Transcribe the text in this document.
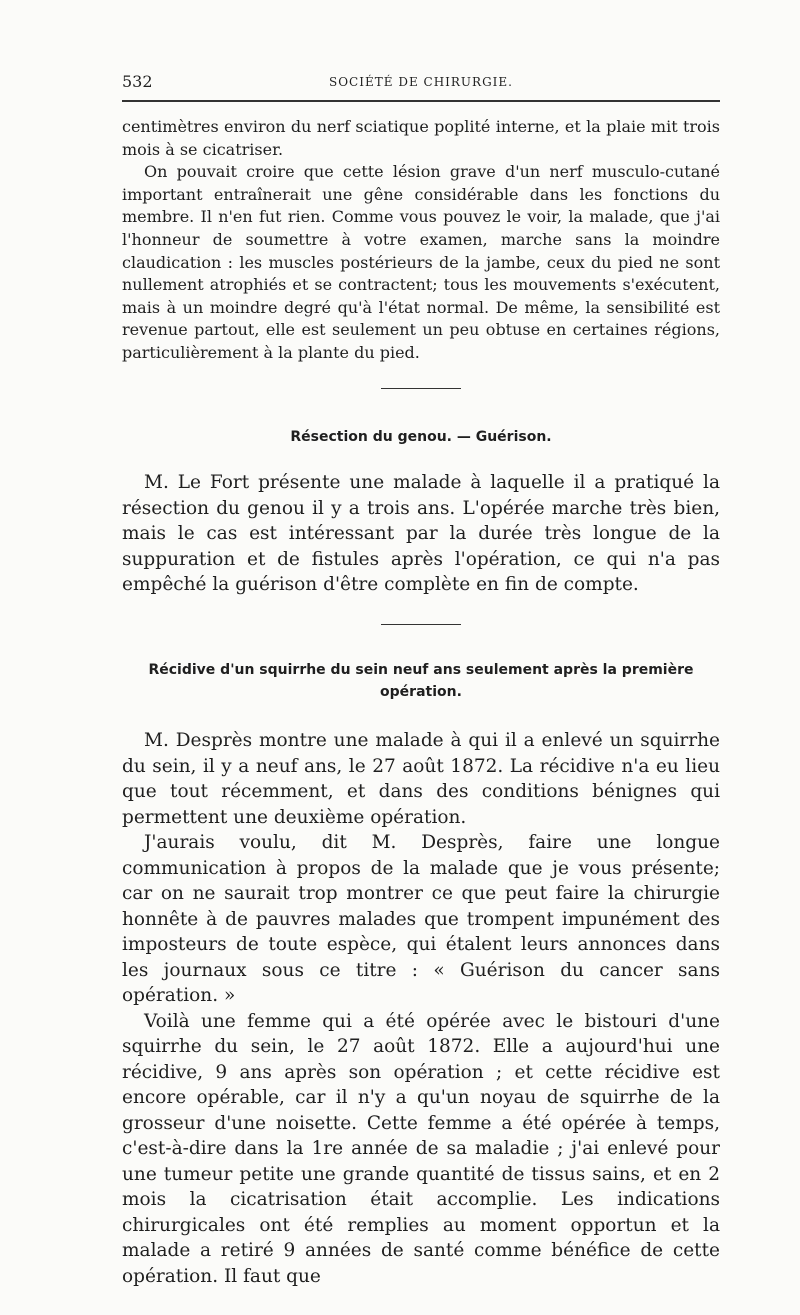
532	SOCIÉTÉ DE CHIRURGIE.

centimètres environ du nerf sciatique poplité interne, et la plaie mit trois mois à se cicatriser.

On pouvait croire que cette lésion grave d'un nerf musculo-cutané important entraînerait une gêne considérable dans les fonctions du membre. Il n'en fut rien. Comme vous pouvez le voir, la malade, que j'ai l'honneur de soumettre à votre examen, marche sans la moindre claudication : les muscles postérieurs de la jambe, ceux du pied ne sont nullement atrophiés et se contractent; tous les mouvements s'exécutent, mais à un moindre degré qu'à l'état normal. De même, la sensibilité est revenue partout, elle est seulement un peu obtuse en certaines régions, particulièrement à la plante du pied.

Résection du genou. — Guérison.

M. Le Fort présente une malade à laquelle il a pratiqué la résection du genou il y a trois ans. L'opérée marche très bien, mais le cas est intéressant par la durée très longue de la suppuration et de fistules après l'opération, ce qui n'a pas empêché la guérison d'être complète en fin de compte.

Récidive d'un squirrhe du sein neuf ans seulement après la première opération.

M. Desprès montre une malade à qui il a enlevé un squirrhe du sein, il y a neuf ans, le 27 août 1872. La récidive n'a eu lieu que tout récemment, et dans des conditions bénignes qui permettent une deuxième opération.

J'aurais voulu, dit M. Desprès, faire une longue communication à propos de la malade que je vous présente; car on ne saurait trop montrer ce que peut faire la chirurgie honnête à de pauvres malades que trompent impunément des imposteurs de toute espèce, qui étalent leurs annonces dans les journaux sous ce titre : « Guérison du cancer sans opération. »

Voilà une femme qui a été opérée avec le bistouri d'une squirrhe du sein, le 27 août 1872. Elle a aujourd'hui une récidive, 9 ans après son opération ; et cette récidive est encore opérable, car il n'y a qu'un noyau de squirrhe de la grosseur d'une noisette. Cette femme a été opérée à temps, c'est-à-dire dans la 1re année de sa maladie ; j'ai enlevé pour une tumeur petite une grande quantité de tissus sains, et en 2 mois la cicatrisation était accomplie. Les indications chirurgicales ont été remplies au moment opportun et la malade a retiré 9 années de santé comme bénéfice de cette opération. Il faut que
